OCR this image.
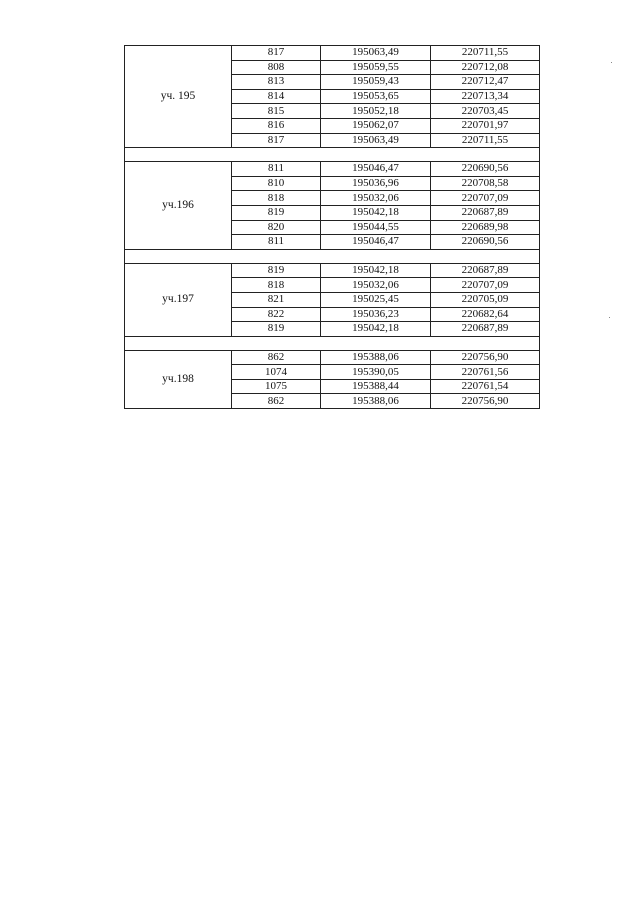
уч. 195	817	195063,49	220711,55
	808	195059,55	220712,08
	813	195059,43	220712,47
	814	195053,65	220713,34
	815	195052,18	220703,45
	816	195062,07	220701,97
	817	195063,49	220711,55

уч.196	811	195046,47	220690,56
	810	195036,96	220708,58
	818	195032,06	220707,09
	819	195042,18	220687,89
	820	195044,55	220689,98
	811	195046,47	220690,56

уч.197	819	195042,18	220687,89
	818	195032,06	220707,09
	821	195025,45	220705,09
	822	195036,23	220682,64
	819	195042,18	220687,89

уч.198	862	195388,06	220756,90
	1074	195390,05	220761,56
	1075	195388,44	220761,54
	862	195388,06	220756,90
